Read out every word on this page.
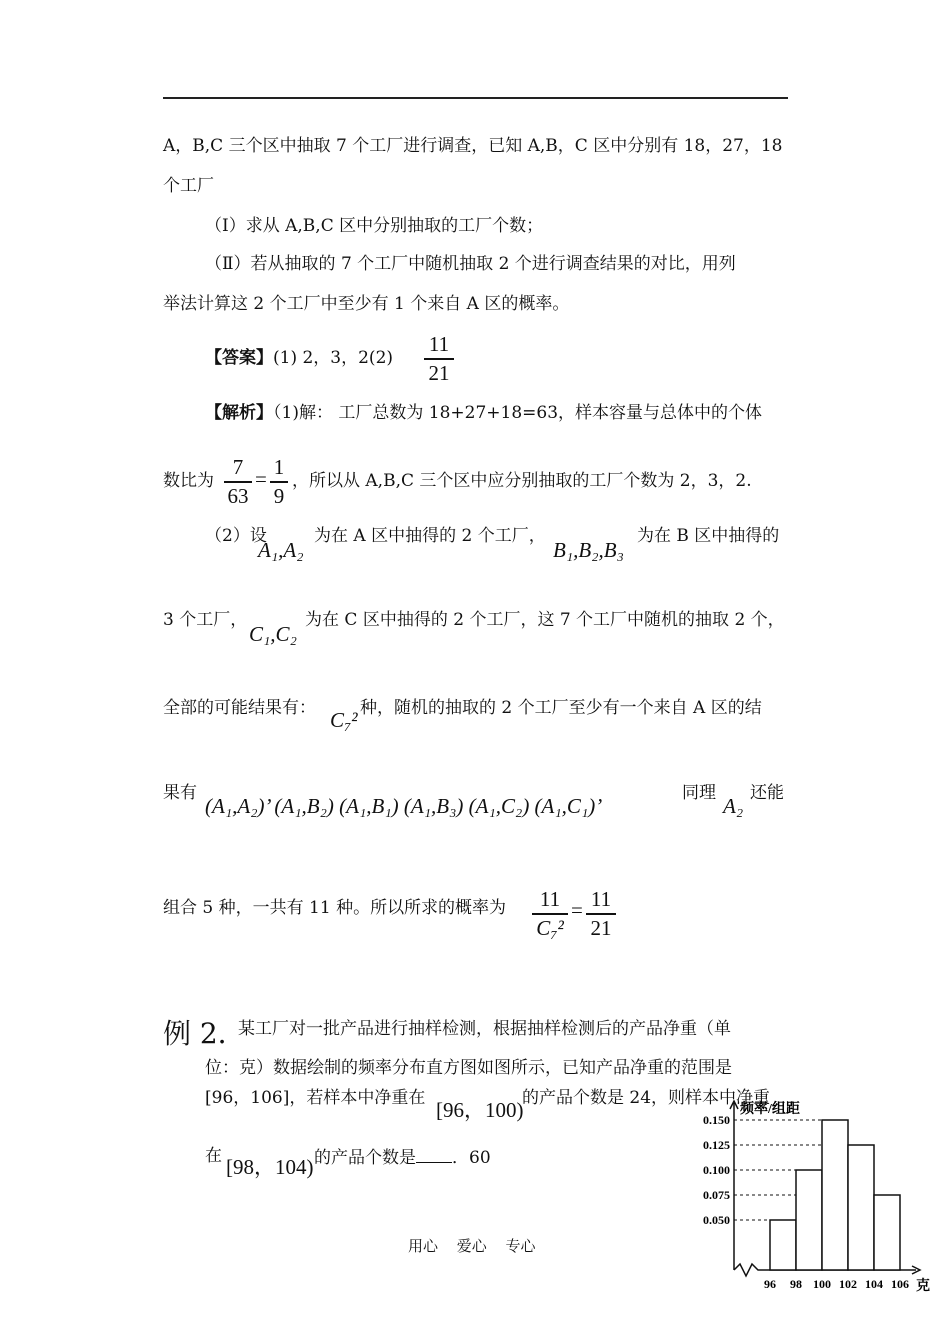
A，B,C 三个区中抽取 7 个工厂进行调查，已知 A,B，C 区中分别有 18，27，18
个工厂
（Ⅰ）求从 A,B,C 区中分别抽取的工厂个数；
（Ⅱ）若从抽取的 7 个工厂中随机抽取 2 个进行调查结果的对比，用列
举法计算这 2 个工厂中至少有 1 个来自 A 区的概率。
【答案】(1) 2，3，2(2)
11
21
【解析】（1)解： 工厂总数为 18+27+18=63，样本容量与总体中的个体
数比为
7
63
= 1
9
，所以从 A,B,C 三个区中应分别抽取的工厂个数为 2，3，2.
（2）设
A₁,A₂
为在 A 区中抽得的 2 个工厂，
B₁,B₂,B₃
为在 B 区中抽得的
3 个工厂，
C₁,C₂
为在 C 区中抽得的 2 个工厂，这 7 个工厂中随机的抽取 2 个，
全部的可能结果有： C₇² 种，随机的抽取的 2 个工厂至少有一个来自 A 区的结
果有
(A₁,A₂)’ (A₁,B₂) (A₁,B₁) (A₁,B₃) (A₁,C₂) (A₁,C₁)’
同理
A₂
还能
组合 5 种，一共有 11 种。所以所求的概率为	11
C₇²
= 11
21
例 2．
某工厂对一批产品进行抽样检测，根据抽样检测后的产品净重（单
位：克）数据绘制的频率分布直方图如图所示，已知产品净重的范围是
[96，106]，若样本中净重在 [96，100)
的产品个数是 24，则样本中净重
在 [98，104) 的产品个数是 ．60
频率/组距
克
0.050
0.075
0.100
0.125
0.150
96 98 100 102 104 106
用心 爱心 专心
